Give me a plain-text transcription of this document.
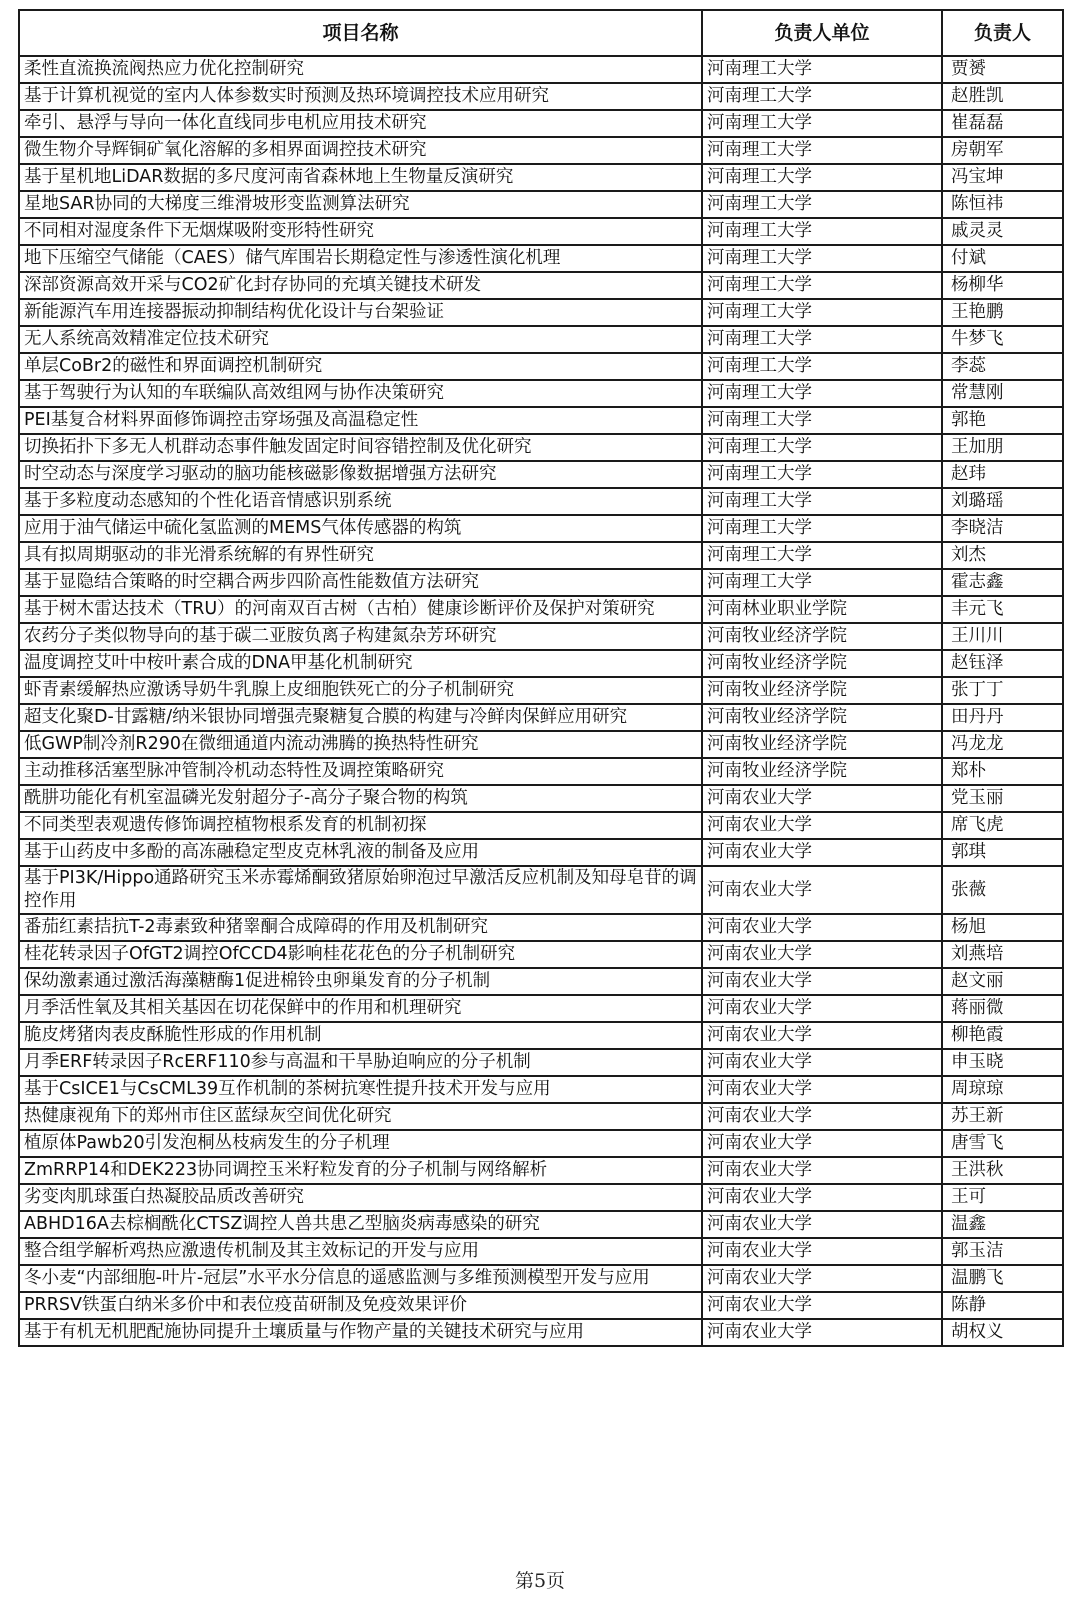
项目名称	负责人单位	负责人
柔性直流换流阀热应力优化控制研究	河南理工大学	贾赟
基于计算机视觉的室内人体参数实时预测及热环境调控技术应用研究	河南理工大学	赵胜凯
牵引、悬浮与导向一体化直线同步电机应用技术研究	河南理工大学	崔磊磊
微生物介导辉铜矿氧化溶解的多相界面调控技术研究	河南理工大学	房朝军
基于星机地LiDAR数据的多尺度河南省森林地上生物量反演研究	河南理工大学	冯宝坤
星地SAR协同的大梯度三维滑坡形变监测算法研究	河南理工大学	陈恒祎
不同相对湿度条件下无烟煤吸附变形特性研究	河南理工大学	戚灵灵
地下压缩空气储能（CAES）储气库围岩长期稳定性与渗透性演化机理	河南理工大学	付斌
深部资源高效开采与CO2矿化封存协同的充填关键技术研发	河南理工大学	杨柳华
新能源汽车用连接器振动抑制结构优化设计与台架验证	河南理工大学	王艳鹏
无人系统高效精准定位技术研究	河南理工大学	牛梦飞
单层CoBr2的磁性和界面调控机制研究	河南理工大学	李蕊
基于驾驶行为认知的车联编队高效组网与协作决策研究	河南理工大学	常慧刚
PEI基复合材料界面修饰调控击穿场强及高温稳定性	河南理工大学	郭艳
切换拓扑下多无人机群动态事件触发固定时间容错控制及优化研究	河南理工大学	王加朋
时空动态与深度学习驱动的脑功能核磁影像数据增强方法研究	河南理工大学	赵玮
基于多粒度动态感知的个性化语音情感识别系统	河南理工大学	刘璐瑶
应用于油气储运中硫化氢监测的MEMS气体传感器的构筑	河南理工大学	李晓洁
具有拟周期驱动的非光滑系统解的有界性研究	河南理工大学	刘杰
基于显隐结合策略的时空耦合两步四阶高性能数值方法研究	河南理工大学	霍志鑫
基于树木雷达技术（TRU）的河南双百古树（古柏）健康诊断评价及保护对策研究	河南林业职业学院	丰元飞
农药分子类似物导向的基于碳二亚胺负离子构建氮杂芳环研究	河南牧业经济学院	王川川
温度调控艾叶中桉叶素合成的DNA甲基化机制研究	河南牧业经济学院	赵钰泽
虾青素缓解热应激诱导奶牛乳腺上皮细胞铁死亡的分子机制研究	河南牧业经济学院	张丁丁
超支化聚D-甘露糖/纳米银协同增强壳聚糖复合膜的构建与冷鲜肉保鲜应用研究	河南牧业经济学院	田丹丹
低GWP制冷剂R290在微细通道内流动沸腾的换热特性研究	河南牧业经济学院	冯龙龙
主动推移活塞型脉冲管制冷机动态特性及调控策略研究	河南牧业经济学院	郑朴
酰肼功能化有机室温磷光发射超分子-高分子聚合物的构筑	河南农业大学	党玉丽
不同类型表观遗传修饰调控植物根系发育的机制初探	河南农业大学	席飞虎
基于山药皮中多酚的高冻融稳定型皮克林乳液的制备及应用	河南农业大学	郭琪
基于PI3K/Hippo通路研究玉米赤霉烯酮致猪原始卵泡过早激活反应机制及知母皂苷的调控作用	河南农业大学	张薇
番茄红素拮抗T-2毒素致种猪睾酮合成障碍的作用及机制研究	河南农业大学	杨旭
桂花转录因子OfGT2调控OfCCD4影响桂花花色的分子机制研究	河南农业大学	刘燕培
保幼激素通过激活海藻糖酶1促进棉铃虫卵巢发育的分子机制	河南农业大学	赵文丽
月季活性氧及其相关基因在切花保鲜中的作用和机理研究	河南农业大学	蒋丽微
脆皮烤猪肉表皮酥脆性形成的作用机制	河南农业大学	柳艳霞
月季ERF转录因子RcERF110参与高温和干旱胁迫响应的分子机制	河南农业大学	申玉晓
基于CsICE1与CsCML39互作机制的茶树抗寒性提升技术开发与应用	河南农业大学	周琼琼
热健康视角下的郑州市住区蓝绿灰空间优化研究	河南农业大学	苏王新
植原体Pawb20引发泡桐丛枝病发生的分子机理	河南农业大学	唐雪飞
ZmRRP14和DEK223协同调控玉米籽粒发育的分子机制与网络解析	河南农业大学	王洪秋
劣变肉肌球蛋白热凝胶品质改善研究	河南农业大学	王可
ABHD16A去棕榈酰化CTSZ调控人兽共患乙型脑炎病毒感染的研究	河南农业大学	温鑫
整合组学解析鸡热应激遗传机制及其主效标记的开发与应用	河南农业大学	郭玉洁
冬小麦“内部细胞-叶片-冠层”水平水分信息的遥感监测与多维预测模型开发与应用	河南农业大学	温鹏飞
PRRSV铁蛋白纳米多价中和表位疫苗研制及免疫效果评价	河南农业大学	陈静
基于有机无机肥配施协同提升土壤质量与作物产量的关键技术研究与应用	河南农业大学	胡权义
第5页
